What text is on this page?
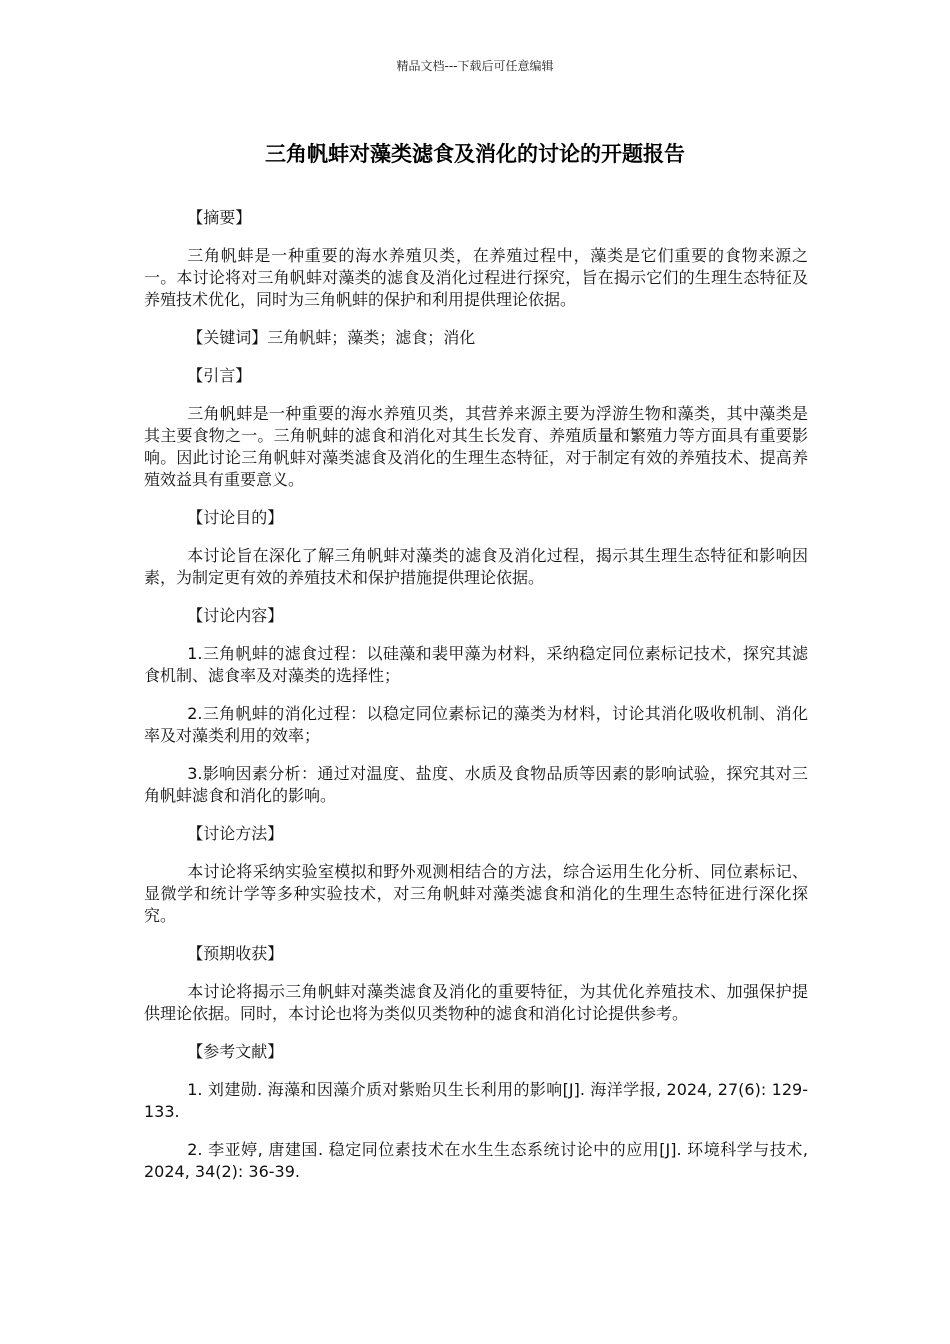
精品文档---下载后可任意编辑
三角帆蚌对藻类滤食及消化的讨论的开题报告

【摘要】

三角帆蚌是一种重要的海水养殖贝类，在养殖过程中，藻类是它们重要的食物来源之一。本讨论将对三角帆蚌对藻类的滤食及消化过程进行探究，旨在揭示它们的生理生态特征及养殖技术优化，同时为三角帆蚌的保护和利用提供理论依据。

【关键词】三角帆蚌；藻类；滤食；消化

【引言】

三角帆蚌是一种重要的海水养殖贝类，其营养来源主要为浮游生物和藻类，其中藻类是其主要食物之一。三角帆蚌的滤食和消化对其生长发育、养殖质量和繁殖力等方面具有重要影响。因此讨论三角帆蚌对藻类滤食及消化的生理生态特征，对于制定有效的养殖技术、提高养殖效益具有重要意义。

【讨论目的】

本讨论旨在深化了解三角帆蚌对藻类的滤食及消化过程，揭示其生理生态特征和影响因素，为制定更有效的养殖技术和保护措施提供理论依据。

【讨论内容】

1.三角帆蚌的滤食过程：以硅藻和裴甲藻为材料，采纳稳定同位素标记技术，探究其滤食机制、滤食率及对藻类的选择性；

2.三角帆蚌的消化过程：以稳定同位素标记的藻类为材料，讨论其消化吸收机制、消化率及对藻类利用的效率；

3.影响因素分析：通过对温度、盐度、水质及食物品质等因素的影响试验，探究其对三角帆蚌滤食和消化的影响。

【讨论方法】

本讨论将采纳实验室模拟和野外观测相结合的方法，综合运用生化分析、同位素标记、显微学和统计学等多种实验技术，对三角帆蚌对藻类滤食和消化的生理生态特征进行深化探究。

【预期收获】

本讨论将揭示三角帆蚌对藻类滤食及消化的重要特征，为其优化养殖技术、加强保护提供理论依据。同时，本讨论也将为类似贝类物种的滤食和消化讨论提供参考。

【参考文献】

1. 刘建勋. 海藻和因藻介质对紫贻贝生长利用的影响[J]. 海洋学报, 2024, 27(6): 129-133.

2. 李亚婷, 唐建国. 稳定同位素技术在水生生态系统讨论中的应用[J]. 环境科学与技术, 2024, 34(2): 36-39.
